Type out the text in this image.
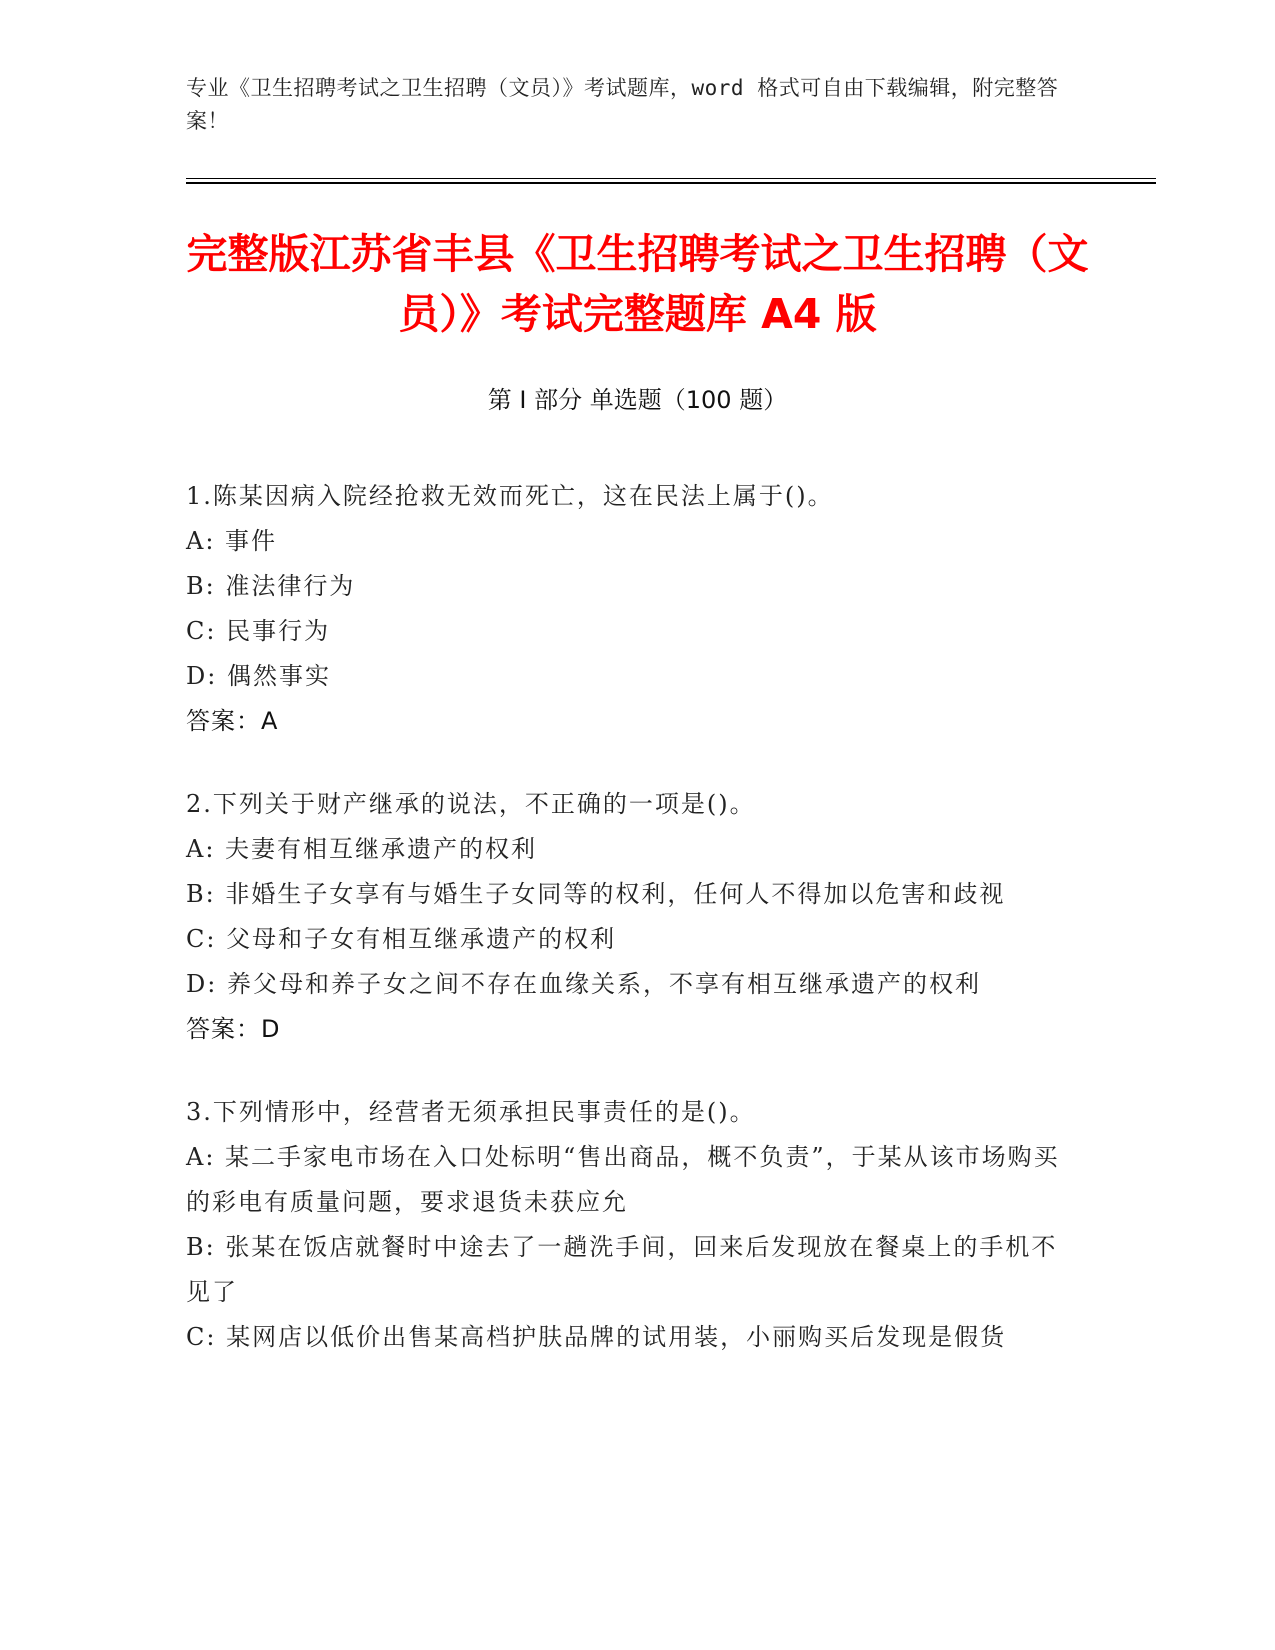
专业《卫生招聘考试之卫生招聘（文员）》考试题库，word 格式可自由下载编辑，附完整答案！
完整版江苏省丰县《卫生招聘考试之卫生招聘（文员）》考试完整题库 A4 版
第 I 部分 单选题（100 题）

1.陈某因病入院经抢救无效而死亡，这在民法上属于()。

A: 事件

B: 准法律行为

C: 民事行为

D: 偶然事实

答案：A

2.下列关于财产继承的说法，不正确的一项是()。

A: 夫妻有相互继承遗产的权利

B: 非婚生子女享有与婚生子女同等的权利，任何人不得加以危害和歧视

C: 父母和子女有相互继承遗产的权利

D: 养父母和养子女之间不存在血缘关系，不享有相互继承遗产的权利

答案：D

3.下列情形中，经营者无须承担民事责任的是()。

A: 某二手家电市场在入口处标明“售出商品，概不负责”，于某从该市场购买的彩电有质量问题，要求退货未获应允

B: 张某在饭店就餐时中途去了一趟洗手间，回来后发现放在餐桌上的手机不见了

C: 某网店以低价出售某高档护肤品牌的试用装，小丽购买后发现是假货
